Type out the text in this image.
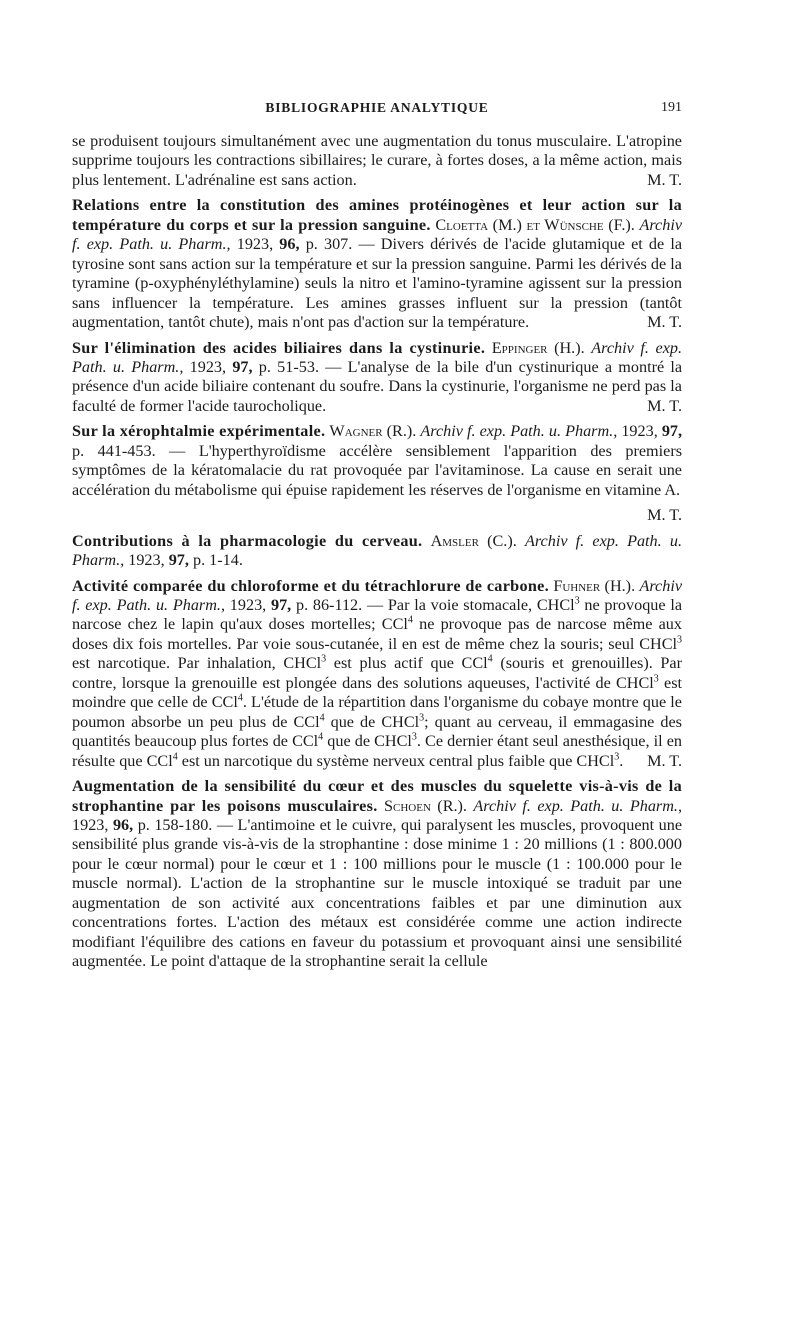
BIBLIOGRAPHIE ANALYTIQUE	191

se produisent toujours simultanément avec une augmentation du tonus musculaire. L'atropine supprime toujours les contractions sibillaires; le curare, à fortes doses, a la même action, mais plus lentement. L'adrénaline est sans action.	M. T.

Relations entre la constitution des amines protéinogènes et leur action sur la température du corps et sur la pression sanguine. Cloetta (M.) et Wünsche (F.). Archiv f. exp. Path. u. Pharm., 1923, 96, p. 307. — Divers dérivés de l'acide glutamique et de la tyrosine sont sans action sur la température et sur la pression sanguine. Parmi les dérivés de la tyramine (p-oxyphényléthylamine) seuls la nitro et l'amino-tyramine agissent sur la pression sans influencer la température. Les amines grasses influent sur la pression (tantôt augmentation, tantôt chute), mais n'ont pas d'action sur la température.	M. T.

Sur l'élimination des acides biliaires dans la cystinurie. Eppinger (H.). Archiv f. exp. Path. u. Pharm., 1923, 97, p. 51-53. — L'analyse de la bile d'un cystinurique a montré la présence d'un acide biliaire contenant du soufre. Dans la cystinurie, l'organisme ne perd pas la faculté de former l'acide taurocholique.	M. T.

Sur la xérophtalmie expérimentale. Wagner (R.). Archiv f. exp. Path. u. Pharm., 1923, 97, p. 441-453. — L'hyperthyroïdisme accélère sensiblement l'apparition des premiers symptômes de la kératomalacie du rat provoquée par l'avitaminose. La cause en serait une accélération du métabolisme qui épuise rapidement les réserves de l'organisme en vitamine A.

M. T.

Contributions à la pharmacologie du cerveau. Amsler (C.). Archiv f. exp. Path. u. Pharm., 1923, 97, p. 1-14.

Activité comparée du chloroforme et du tétrachlorure de carbone. Fuhner (H.). Archiv f. exp. Path. u. Pharm., 1923, 97, p. 86-112. — Par la voie stomacale, CHCl$^3$ ne provoque la narcose chez le lapin qu'aux doses mortelles; CCl$^4$ ne provoque pas de narcose même aux doses dix fois mortelles. Par voie sous-cutanée, il en est de même chez la souris; seul CHCl$^3$ est narcotique. Par inhalation, CHCl$^3$ est plus actif que CCl$^4$ (souris et grenouilles). Par contre, lorsque la grenouille est plongée dans des solutions aqueuses, l'activité de CHCl$^3$ est moindre que celle de CCl$^4$. L'étude de la répartition dans l'organisme du cobaye montre que le poumon absorbe un peu plus de CCl$^4$ que de CHCl$^3$; quant au cerveau, il emmagasine des quantités beaucoup plus fortes de CCl$^4$ que de CHCl$^3$. Ce dernier étant seul anesthésique, il en résulte que CCl$^4$ est un narcotique du système nerveux central plus faible que CHCl$^3$. M. T.

Augmentation de la sensibilité du cœur et des muscles du squelette vis-à-vis de la strophantine par les poisons musculaires. Schoen (R.). Archiv f. exp. Path. u. Pharm., 1923, 96, p. 158-180. — L'antimoine et le cuivre, qui paralysent les muscles, provoquent une sensibilité plus grande vis-à-vis de la strophantine : dose minime 1 : 20 millions (1 : 800.000 pour le cœur normal) pour le cœur et 1 : 100 millions pour le muscle (1 : 100.000 pour le muscle normal). L'action de la strophantine sur le muscle intoxiqué se traduit par une augmentation de son activité aux concentrations faibles et par une diminution aux concentrations fortes. L'action des métaux est considérée comme une action indirecte modifiant l'équilibre des cations en faveur du potassium et provoquant ainsi une sensibilité augmentée. Le point d'attaque de la strophantine serait la cellule
